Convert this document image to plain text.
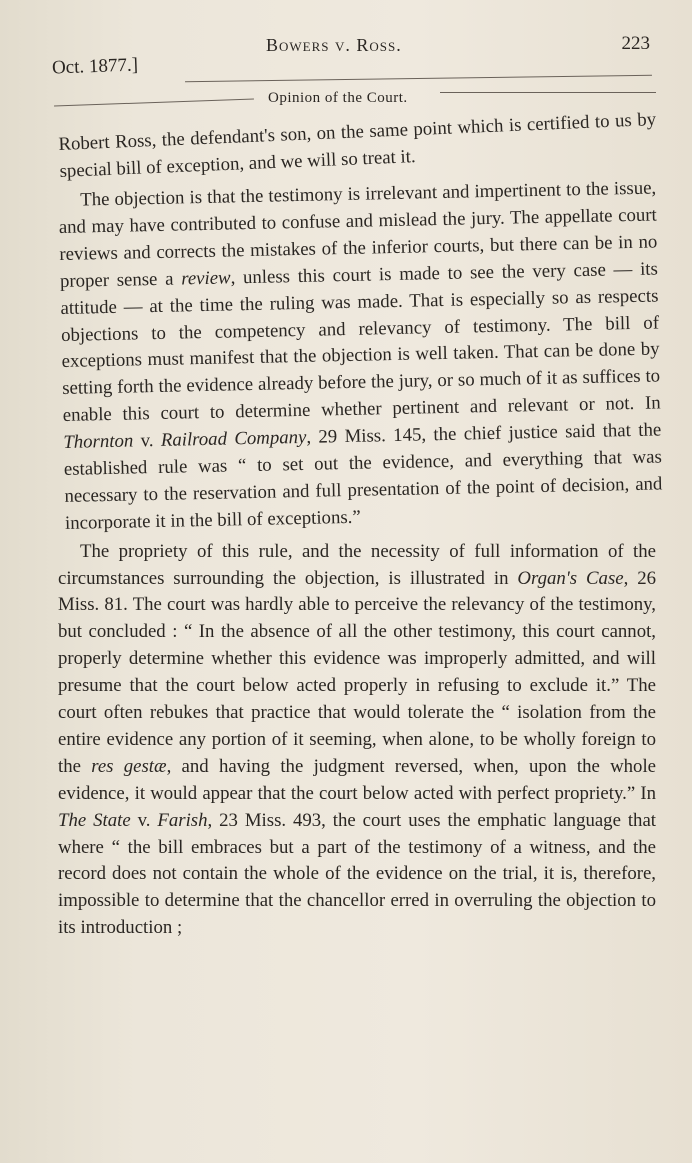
Oct. 1877.]
Bowers v. Ross.	223
Opinion of the Court.

Robert Ross, the defendant's son, on the same point which is certified to us by special bill of exception, and we will so treat it.

The objection is that the testimony is irrelevant and impertinent to the issue, and may have contributed to confuse and mislead the jury. The appellate court reviews and corrects the mistakes of the inferior courts, but there can be in no proper sense a review, unless this court is made to see the very case — its attitude — at the time the ruling was made. That is especially so as respects objections to the competency and relevancy of testimony. The bill of exceptions must manifest that the objection is well taken. That can be done by setting forth the evidence already before the jury, or so much of it as suffices to enable this court to determine whether pertinent and relevant or not. In Thornton v. Railroad Company, 29 Miss. 145, the chief justice said that the established rule was “ to set out the evidence, and everything that was necessary to the reservation and full presentation of the point of decision, and incorporate it in the bill of exceptions.”

The propriety of this rule, and the necessity of full information of the circumstances surrounding the objection, is illustrated in Organ's Case, 26 Miss. 81. The court was hardly able to perceive the relevancy of the testimony, but concluded : “ In the absence of all the other testimony, this court cannot, properly determine whether this evidence was improperly admitted, and will presume that the court below acted properly in refusing to exclude it.” The court often rebukes that practice that would tolerate the “ isolation from the entire evidence any portion of it seeming, when alone, to be wholly foreign to the res gestæ, and having the judgment reversed, when, upon the whole evidence, it would appear that the court below acted with perfect propriety.” In The State v. Farish, 23 Miss. 493, the court uses the emphatic language that where “ the bill embraces but a part of the testimony of a witness, and the record does not contain the whole of the evidence on the trial, it is, therefore, impossible to determine that the chancellor erred in overruling the objection to its introduction ;
